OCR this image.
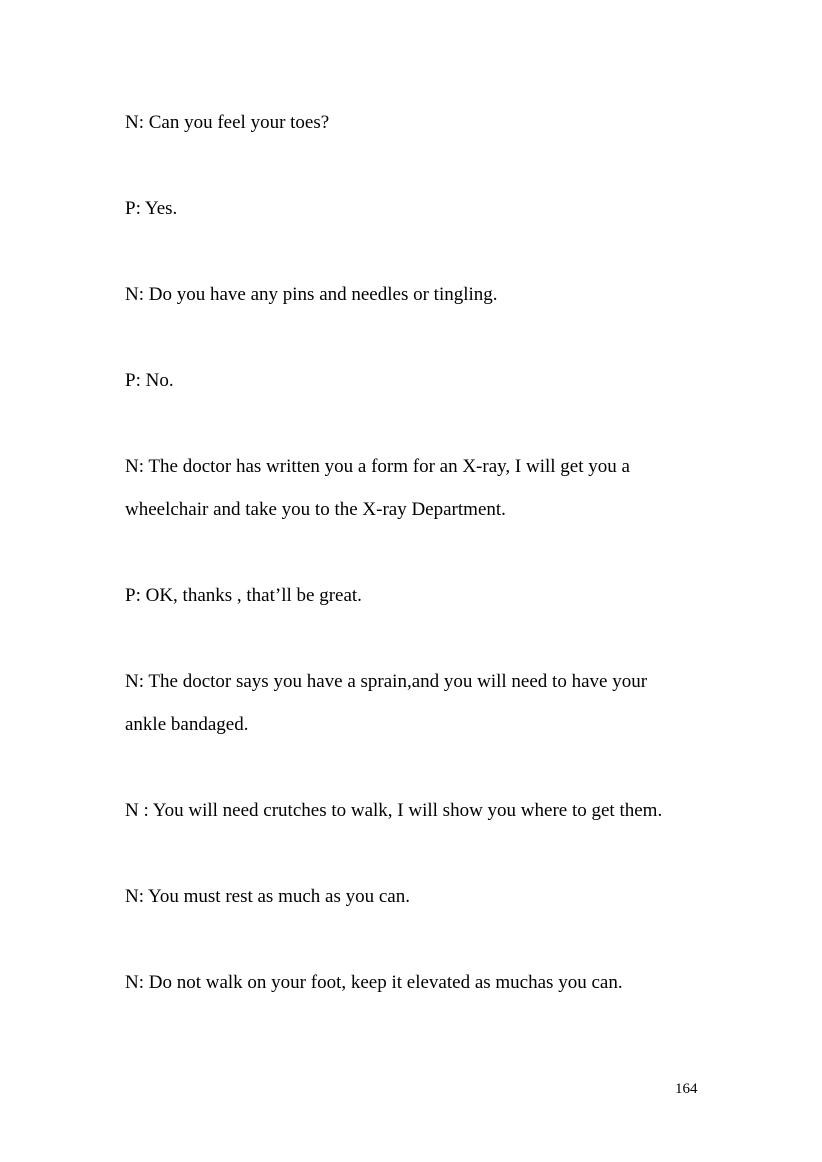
N: Can you feel your toes?

P: Yes.

N: Do you have any pins and needles or tingling.

P: No.

N: The doctor has written you a form for an X-ray, I will get you a

wheelchair and take you to the X-ray Department.

P: OK, thanks , that’ll be great.

N: The doctor says you have a sprain,and you will need to have your

ankle bandaged.

N : You will need crutches to walk, I will show you where to get them.

N: You must rest as much as you can.

N: Do not walk on your foot, keep it elevated as muchas you can.

164
